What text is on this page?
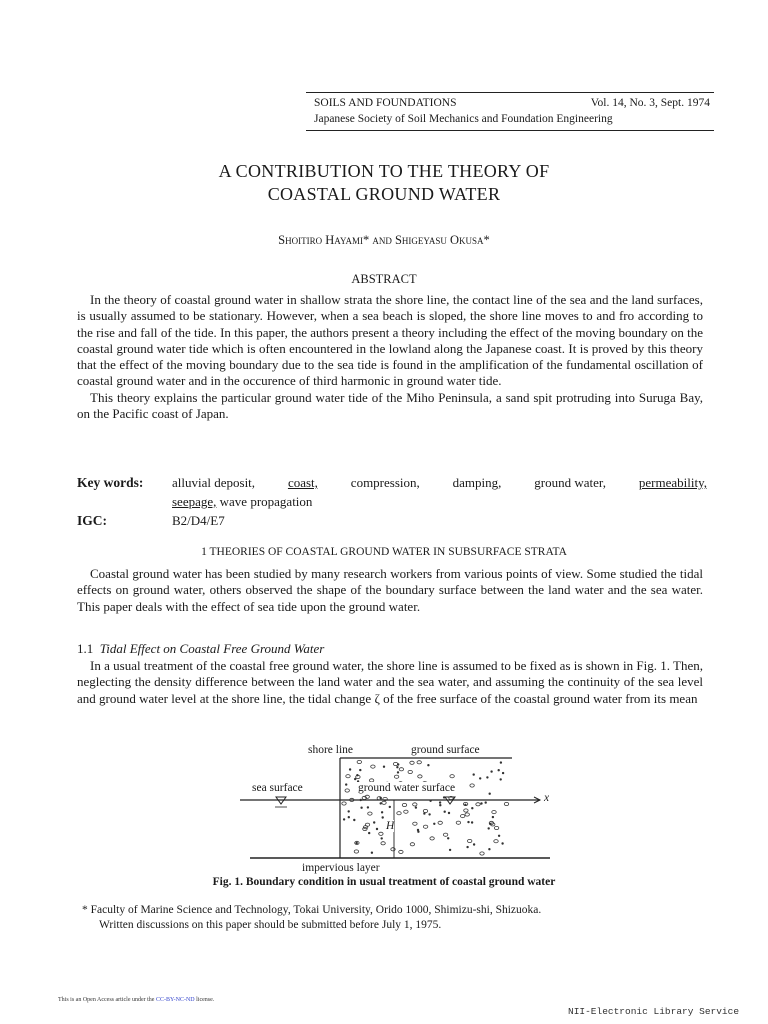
SOILS AND FOUNDATIONS	Vol. 14, No. 3, Sept. 1974
Japanese Society of Soil Mechanics and Foundation Engineering
A CONTRIBUTION TO THE THEORY OF
COASTAL GROUND WATER
Shoitiro Hayami* and Shigeyasu Okusa*
ABSTRACT

In the theory of coastal ground water in shallow strata the shore line, the contact line of the sea and the land surfaces, is usually assumed to be stationary. However, when a sea beach is sloped, the shore line moves to and fro according to the rise and fall of the tide. In this paper, the authors present a theory including the effect of the moving boundary on the coastal ground water tide which is often encountered in the lowland along the Japanese coast. It is proved by this theory that the effect of the moving boundary due to the sea tide is found in the amplification of the fundamental oscillation of coastal ground water and in the occurence of third harmonic in ground water tide.

This theory explains the particular ground water tide of the Miho Peninsula, a sand spit protruding into Suruga Bay, on the Pacific coast of Japan.

Key words:	alluvial deposit,	coast,	compression,	damping,	ground water,	permeability,
seepage, wave propagation
IGC:	B2/D4/E7
1 THEORIES OF COASTAL GROUND WATER IN SUBSURFACE STRATA

Coastal ground water has been studied by many research workers from various points of view. Some studied the tidal effects on ground water, others observed the shape of the boundary surface between the land water and the sea water. This paper deals with the effect of sea tide upon the ground water.

1.1 Tidal Effect on Coastal Free Ground Water

In a usual treatment of the coastal free ground water, the shore line is assumed to be fixed as is shown in Fig. 1. Then, neglecting the density difference between the land water and the sea water, and assuming the continuity of the sea level and ground water level at the shore line, the tidal change ζ of the free surface of the coastal ground water from its mean

shore line	ground surface
sea surface	ground water surface
x
H
impervious layer
Fig. 1. Boundary condition in usual treatment of coastal ground water
* Faculty of Marine Science and Technology, Tokai University, Orido 1000, Shimizu-shi, Shizuoka.
Written discussions on this paper should be submitted before July 1, 1975.
This is an Open Access article under the CC-BY-NC-ND license.
NII-Electronic Library Service
